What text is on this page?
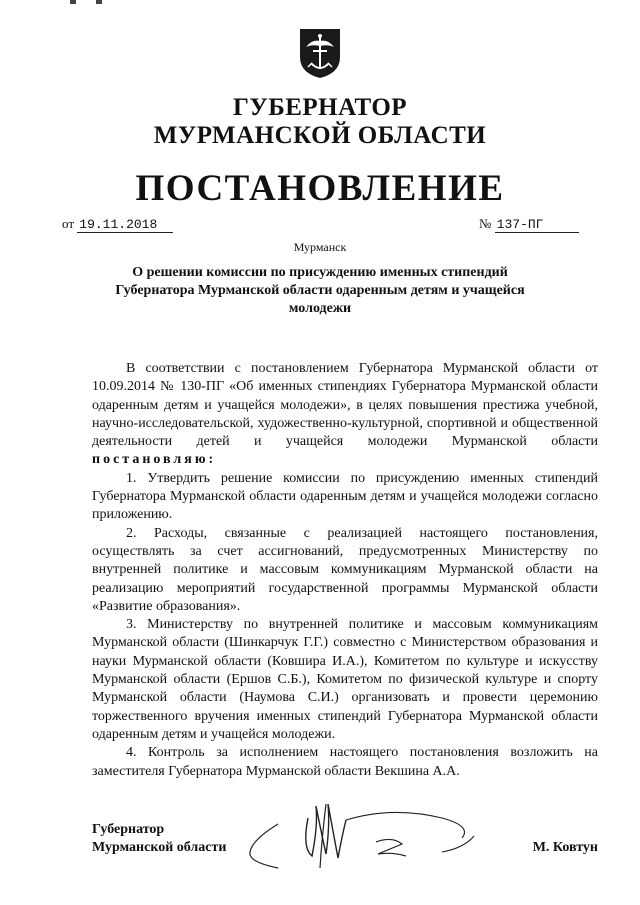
ГУБЕРНАТОР
МУРМАНСКОЙ ОБЛАСТИ
ПОСТАНОВЛЕНИЕ
от 19.11.2018	№ 137-ПГ
Мурманск
О решении комиссии по присуждению именных стипендий Губернатора Мурманской области одаренным детям и учащейся молодежи

В соответствии с постановлением Губернатора Мурманской области от 10.09.2014 № 130-ПГ «Об именных стипендиях Губернатора Мурманской области одаренным детям и учащейся молодежи», в целях повышения престижа учебной, научно-исследовательской, художественно-культурной, спортивной и общественной деятельности детей и учащейся молодежи Мурманской области постановляю:

1. Утвердить решение комиссии по присуждению именных стипендий Губернатора Мурманской области одаренным детям и учащейся молодежи согласно приложению.

2. Расходы, связанные с реализацией настоящего постановления, осуществлять за счет ассигнований, предусмотренных Министерству по внутренней политике и массовым коммуникациям Мурманской области на реализацию мероприятий государственной программы Мурманской области «Развитие образования».

3. Министерству по внутренней политике и массовым коммуникациям Мурманской области (Шинкарчук Г.Г.) совместно с Министерством образования и науки Мурманской области (Ковшира И.А.), Комитетом по культуре и искусству Мурманской области (Ершов С.Б.), Комитетом по физической культуре и спорту Мурманской области (Наумова С.И.) организовать и провести церемонию торжественного вручения именных стипендий Губернатора Мурманской области одаренным детям и учащейся молодежи.

4. Контроль за исполнением настоящего постановления возложить на заместителя Губернатора Мурманской области Векшина А.А.

Губернатор
Мурманской области	М. Ковтун
